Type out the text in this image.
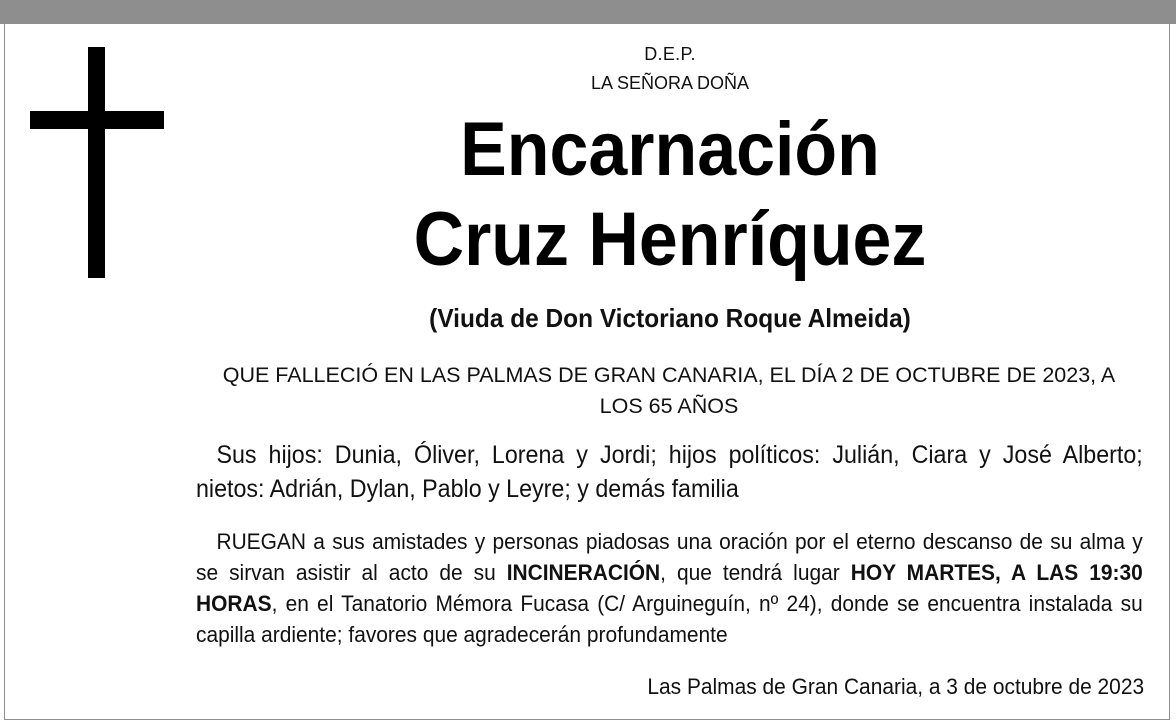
D.E.P.
LA SEÑORA DOÑA
Encarnación
Cruz Henríquez
(Viuda de Don Victoriano Roque Almeida)
QUE FALLECIÓ EN LAS PALMAS DE GRAN CANARIA, EL DÍA 2 DE OCTUBRE DE 2023, A LOS 65 AÑOS
Sus hijos: Dunia, Óliver, Lorena y Jordi; hijos políticos: Julián, Ciara y José Alberto; nietos: Adrián, Dylan, Pablo y Leyre; y demás familia
RUEGAN a sus amistades y personas piadosas una oración por el eterno descanso de su alma y se sirvan asistir al acto de su INCINERACIÓN, que tendrá lugar HOY MARTES, A LAS 19:30 HORAS, en el Tanatorio Mémora Fucasa (C/ Arguineguín, nº 24), donde se encuentra instalada su capilla ardiente; favores que agradecerán profundamente
Las Palmas de Gran Canaria, a 3 de octubre de 2023
